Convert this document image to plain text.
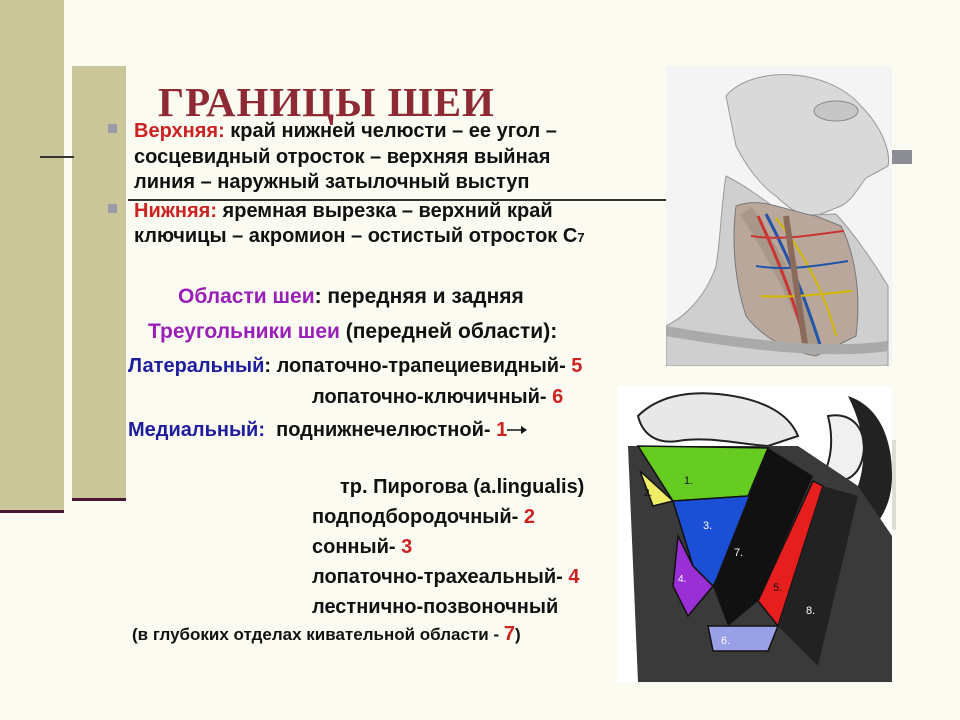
ГРАНИЦЫ ШЕИ
Верхняя: край нижней челюсти – ее угол –
сосцевидный отросток – верхняя выйная
линия – наружный затылочный выступ
Нижняя: яремная вырезка – верхний край
ключицы – акромион – остистый отросток С7
Области шеи: передняя и задняя
Треугольники шеи (передней области):
Латеральный: лопаточно-трапециевидный- 5
лопаточно-ключичный- 6
Медиальный: поднижнечелюстной- 1
тр. Пирогова (a.lingualis)
подподбородочный- 2
сонный- 3
лопаточно-трахеальный- 4
лестнично-позвоночный
(в глубоких отделах кивательной области - 7)
1.
2.
3.
4.
5.
6.
7.
8.
